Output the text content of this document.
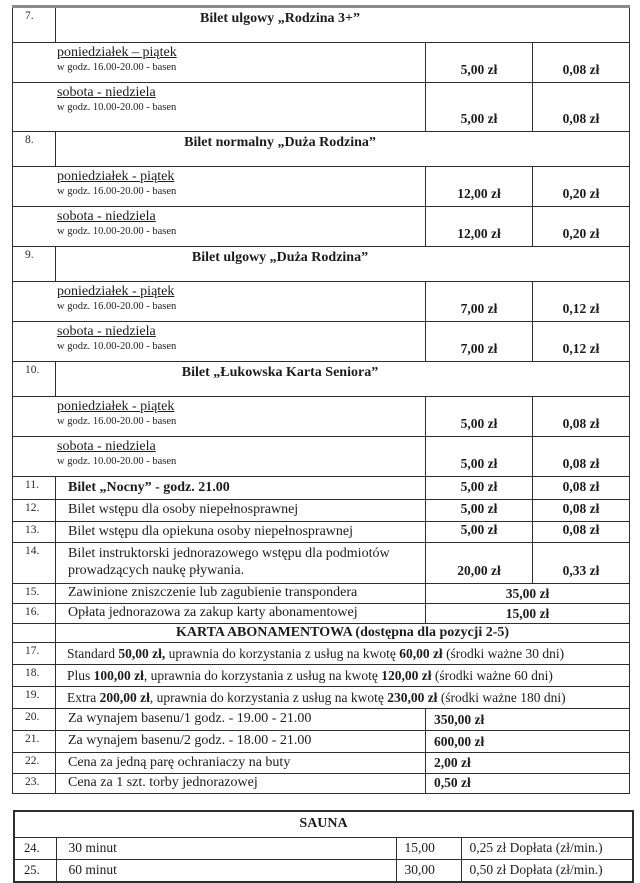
7.	Bilet ulgowy „Rodzina 3+”		

poniedziałek – piątek
w godz. 16.00-20.00 - basen		5,00 zł	0,08 zł

sobota - niedziela
w godz. 10.00-20.00 - basen		5,00 zł	0,08 zł
8.	Bilet normalny „Duża Rodzina”		

poniedziałek - piątek
w godz. 16.00-20.00 - basen		12,00 zł	0,20 zł

sobota - niedziela
w godz. 10.00-20.00 - basen		12,00 zł	0,20 zł
9.	Bilet ulgowy „Duża Rodzina”		

poniedziałek - piątek
w godz. 16.00-20.00 - basen		7,00 zł	0,12 zł

sobota - niedziela
w godz. 10.00-20.00 - basen		7,00 zł	0,12 zł
10.	Bilet „Łukowska Karta Seniora”		

poniedziałek - piątek
w godz. 16.00-20.00 - basen		5,00 zł	0,08 zł

sobota - niedziela
w godz. 10.00-20.00 - basen		5,00 zł	0,08 zł
11.	Bilet „Nocny” - godz. 21.00	5,00 zł	0,08 zł
12.	Bilet wstępu dla osoby niepełnosprawnej	5,00 zł	0,08 zł
13.	Bilet wstępu dla opiekuna osoby niepełnosprawnej	5,00 zł	0,08 zł
14.	Bilet instruktorski jednorazowego wstępu dla podmiotów prowadzących naukę pływania.	20,00 zł	0,33 zł
15.	Zawinione zniszczenie lub zagubienie transpondera	35,00 zł	
16.	Opłata jednorazowa za zakup karty abonamentowej	15,00 zł	
	KARTA ABONAMENTOWA (dostępna dla pozycji 2-5)		
17.	Standard 50,00 zł, uprawnia do korzystania z usług na kwotę 60,00 zł (środki ważne 30 dni)		
18.	Plus 100,00 zł, uprawnia do korzystania z usług na kwotę 120,00 zł (środki ważne 60 dni)		
19.	Extra 200,00 zł, uprawnia do korzystania z usług na kwotę 230,00 zł (środki ważne 180 dni)		
20.	Za wynajem basenu/1 godz. - 19.00 - 21.00	350,00 zł	
21.	Za wynajem basenu/2 godz. - 18.00 - 21.00	600,00 zł	
22.	Cena za jedną parę ochraniaczy na buty	2,00 zł	
23.	Cena za 1 szt. torby jednorazowej	0,50 zł	
SAUNA			
24.	30 minut	15,00	0,25 zł Dopłata (zł/min.)
25.	60 minut	30,00	0,50 zł Dopłata (zł/min.)
